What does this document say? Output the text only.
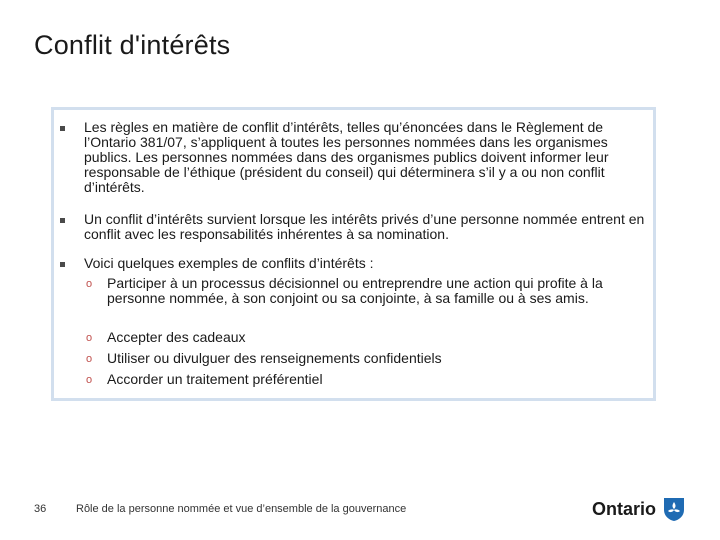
Conflit d'intérêts
Les règles en matière de conflit d’intérêts, telles qu’énoncées dans le Règlement de l’Ontario 381/07, s’appliquent à toutes les personnes nommées dans les organismes publics. Les personnes nommées dans des organismes publics doivent informer leur responsable de l’éthique (président du conseil) qui déterminera s’il y a ou non conflit d’intérêts.
Un conflit d’intérêts survient lorsque les intérêts privés d’une personne nommée entrent en conflit avec les responsabilités inhérentes à sa nomination.
Voici quelques exemples de conflits d’intérêts :
o Participer à un processus décisionnel ou entreprendre une action qui profite à la personne nommée, à son conjoint ou sa conjointe, à sa famille ou à ses amis.
o Accepter des cadeaux
o Utiliser ou divulguer des renseignements confidentiels
o Accorder un traitement préférentiel
36	Rôle de la personne nommée et vue d’ensemble de la gouvernance	Ontario
